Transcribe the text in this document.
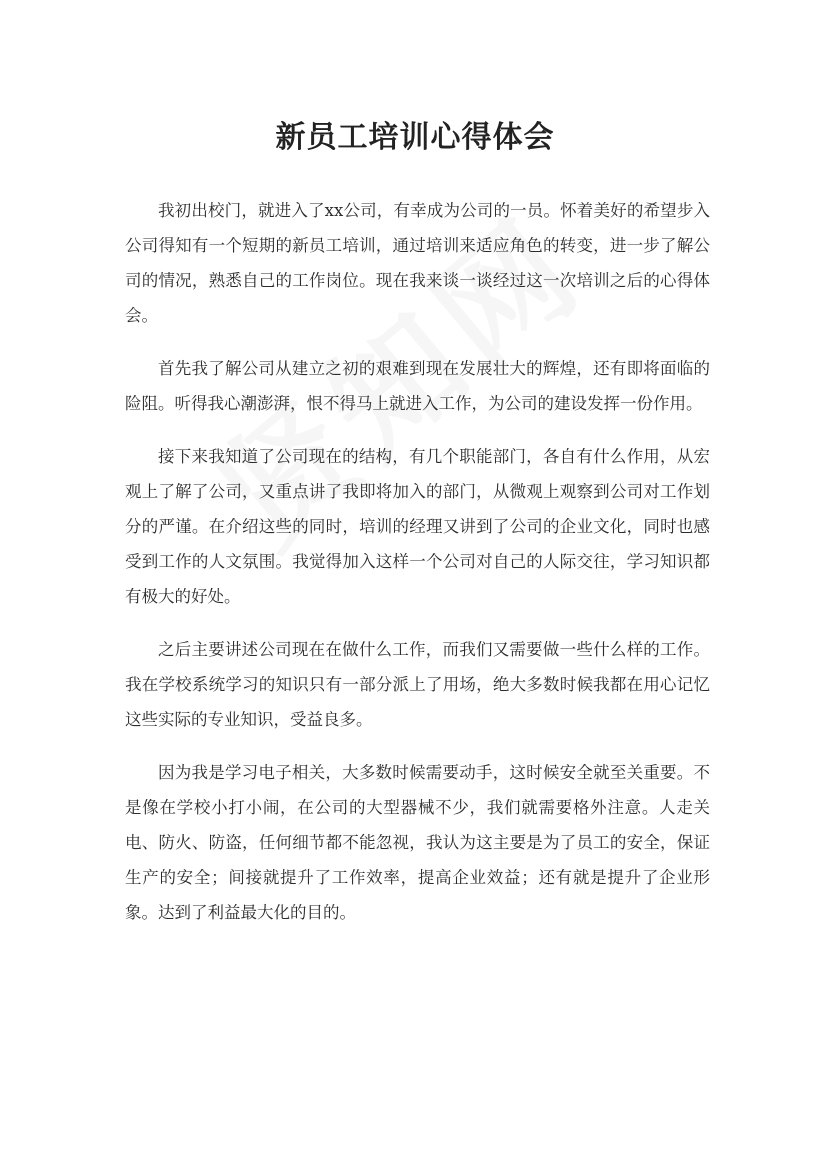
新员工培训心得体会

我初出校门，就进入了xx公司，有幸成为公司的一员。怀着美好的希望步入公司得知有一个短期的新员工培训，通过培训来适应角色的转变，进一步了解公司的情况，熟悉自己的工作岗位。现在我来谈一谈经过这一次培训之后的心得体会。

首先我了解公司从建立之初的艰难到现在发展壮大的辉煌，还有即将面临的险阻。听得我心潮澎湃，恨不得马上就进入工作，为公司的建设发挥一份作用。

接下来我知道了公司现在的结构，有几个职能部门，各自有什么作用，从宏观上了解了公司，又重点讲了我即将加入的部门，从微观上观察到公司对工作划分的严谨。在介绍这些的同时，培训的经理又讲到了公司的企业文化，同时也感受到工作的人文氛围。我觉得加入这样一个公司对自己的人际交往，学习知识都有极大的好处。

之后主要讲述公司现在在做什么工作，而我们又需要做一些什么样的工作。我在学校系统学习的知识只有一部分派上了用场，绝大多数时候我都在用心记忆这些实际的专业知识，受益良多。

因为我是学习电子相关，大多数时候需要动手，这时候安全就至关重要。不是像在学校小打小闹，在公司的大型器械不少，我们就需要格外注意。人走关电、防火、防盗，任何细节都不能忽视，我认为这主要是为了员工的安全，保证生产的安全；间接就提升了工作效率，提高企业效益；还有就是提升了企业形象。达到了利益最大化的目的。
